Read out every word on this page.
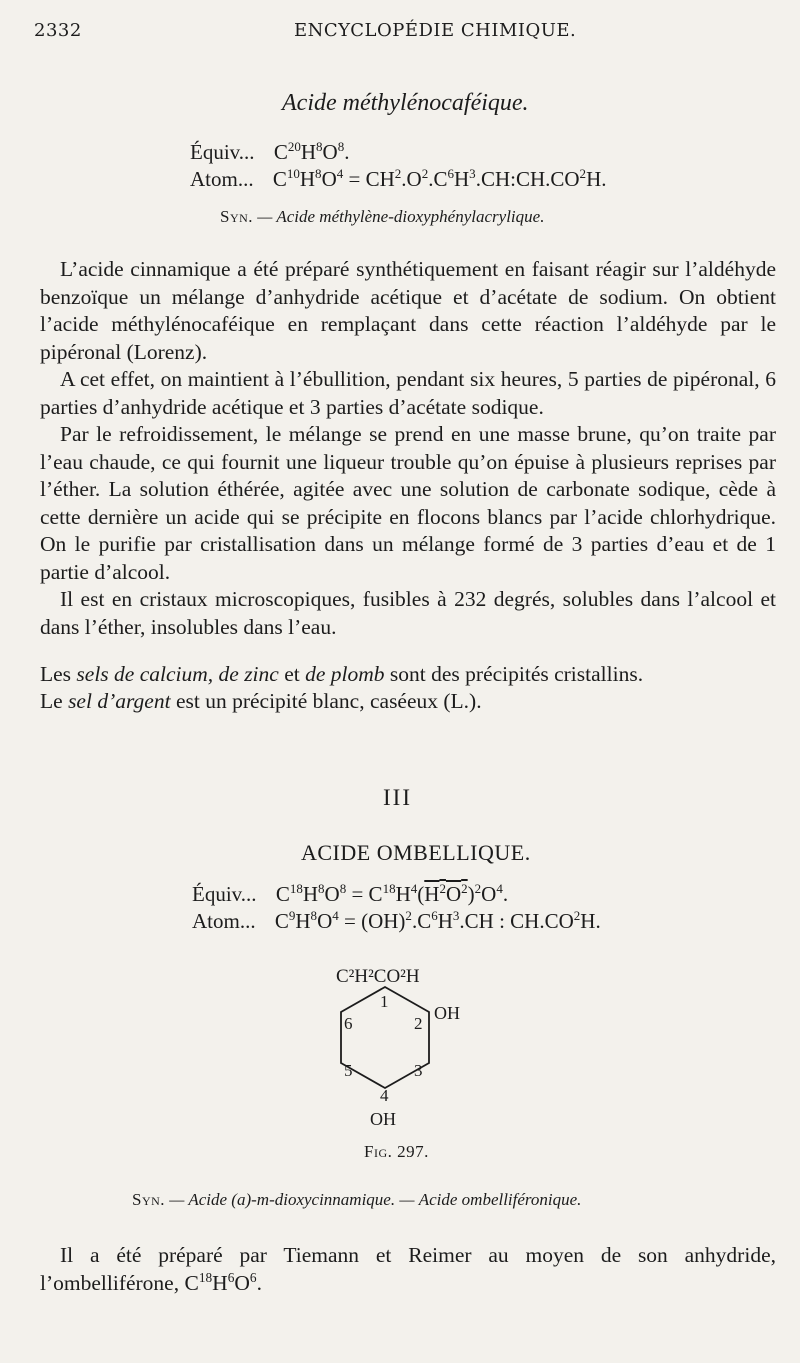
2332	ENCYCLOPÉDIE CHIMIQUE.
Acide méthylénocaféique.
Équiv... $C^{20}H^8O^8$.
Atom... $C^{10}H^8O^4$ = $CH^2.O^2.C^6H^3.CH:CH.CO^2H$.
Syn. — Acide méthylène-dioxyphénylacrylique.

L’acide cinnamique a été préparé synthétiquement en faisant réagir sur l’aldéhyde benzoïque un mélange d’anhydride acétique et d’acétate de sodium. On obtient l’acide méthylénocaféique en remplaçant dans cette réaction l’aldéhyde par le pipéronal (Lorenz).

A cet effet, on maintient à l’ébullition, pendant six heures, 5 parties de pipéronal, 6 parties d’anhydride acétique et 3 parties d’acétate sodique.

Par le refroidissement, le mélange se prend en une masse brune, qu’on traite par l’eau chaude, ce qui fournit une liqueur trouble qu’on épuise à plusieurs reprises par l’éther. La solution éthérée, agitée avec une solution de carbonate sodique, cède à cette dernière un acide qui se précipite en flocons blancs par l’acide chlorhydrique. On le purifie par cristallisation dans un mélange formé de 3 parties d’eau et de 1 partie d’alcool.

Il est en cristaux microscopiques, fusibles à 232 degrés, solubles dans l’alcool et dans l’éther, insolubles dans l’eau.

Les sels de calcium, de zinc et de plomb sont des précipités cristallins.

Le sel d’argent est un précipité blanc, caséeux (L.).

III
ACIDE OMBELLIQUE.
Équiv... $C^{18}H^8O^8 = C^{18}H^4(H^2O^2)^2O^4$.
Atom... $C^9H^8O^4 = (OH)^2.C^6H^3.CH$ : $CH.CO^2H$.
C²H²CO²H
1
2
3
4
5
6
OH
OH
Fig. 297.
Syn. — Acide (a)-m-dioxycinnamique. — Acide ombelliféronique.

Il a été préparé par Tiemann et Reimer au moyen de son anhydride, l’ombelliférone, $C^{18}H^6O^6$.
